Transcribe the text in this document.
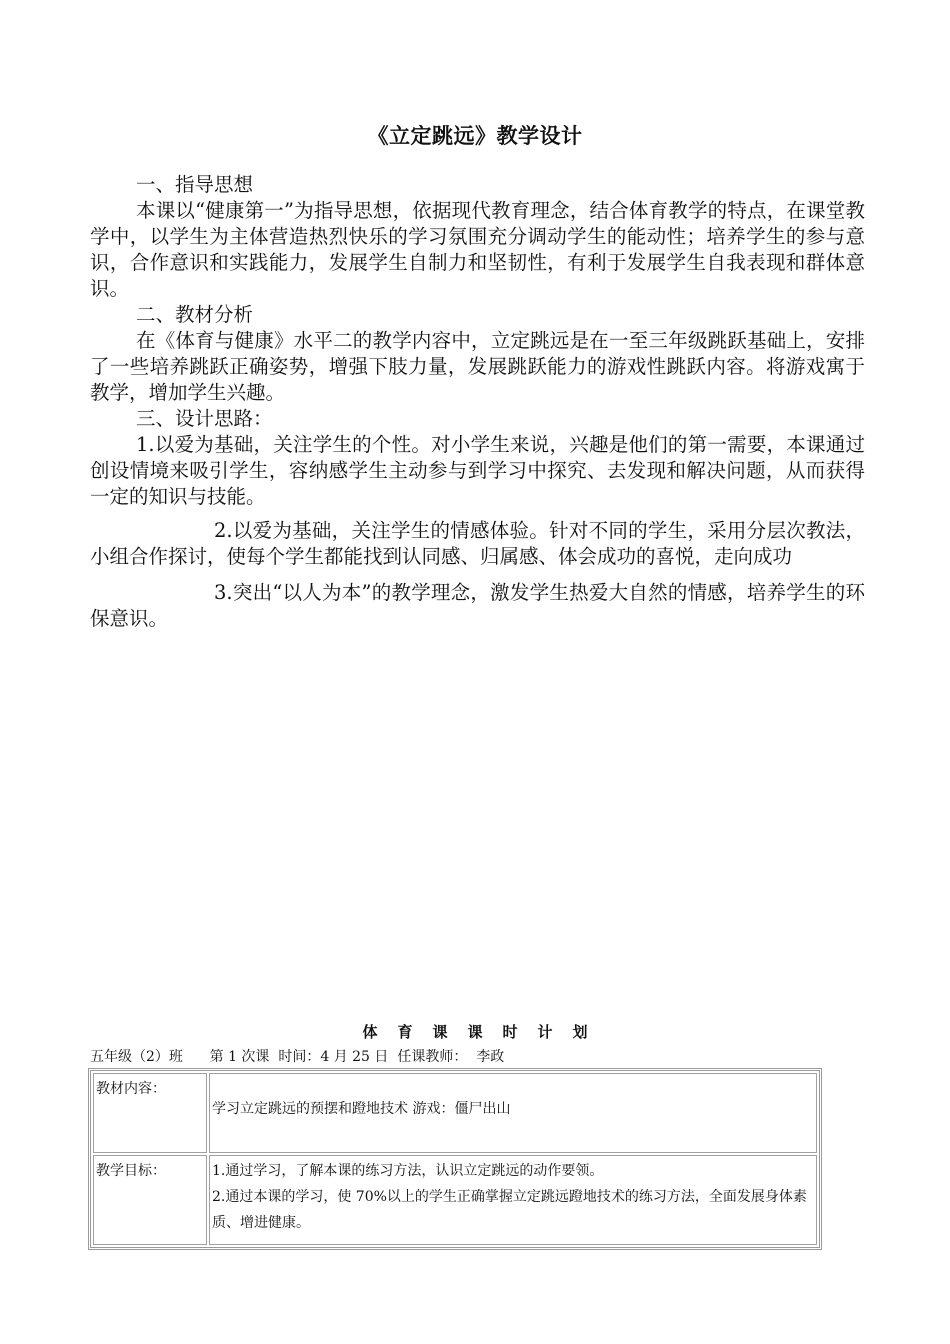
《立定跳远》教学设计

一、指导思想

本课以“健康第一”为指导思想，依据现代教育理念，结合体育教学的特点，在课堂教学中，以学生为主体营造热烈快乐的学习氛围充分调动学生的能动性；培养学生的参与意识，合作意识和实践能力，发展学生自制力和坚韧性，有利于发展学生自我表现和群体意识。

二、教材分析

在《体育与健康》水平二的教学内容中，立定跳远是在一至三年级跳跃基础上，安排了一些培养跳跃正确姿势，增强下肢力量，发展跳跃能力的游戏性跳跃内容。将游戏寓于教学，增加学生兴趣。

三、设计思路：

1.以爱为基础，关注学生的个性。对小学生来说，兴趣是他们的第一需要，本课通过创设情境来吸引学生，容纳感学生主动参与到学习中探究、去发现和解决问题，从而获得一定的知识与技能。

2.以爱为基础，关注学生的情感体验。针对不同的学生，采用分层次教法，小组合作探讨，使每个学生都能找到认同感、归属感、体会成功的喜悦，走向成功

3.突出“以人为本”的教学理念，激发学生热爱大自然的情感，培养学生的环保意识。

体育课课时计划
五年级（2）班 第 1 次课 时间：4 月 25 日 任课教师：  李政
教材内容：	学习立定跳远的预摆和蹬地技术 游戏：僵尸出山

教学目标：	1.通过学习，了解本课的练习方法，认识立定跳远的动作要领。
2.通过本课的学习，使 70%以上的学生正确掌握立定跳远蹬地技术的练习方法，全面发展身体素质、增进健康。
